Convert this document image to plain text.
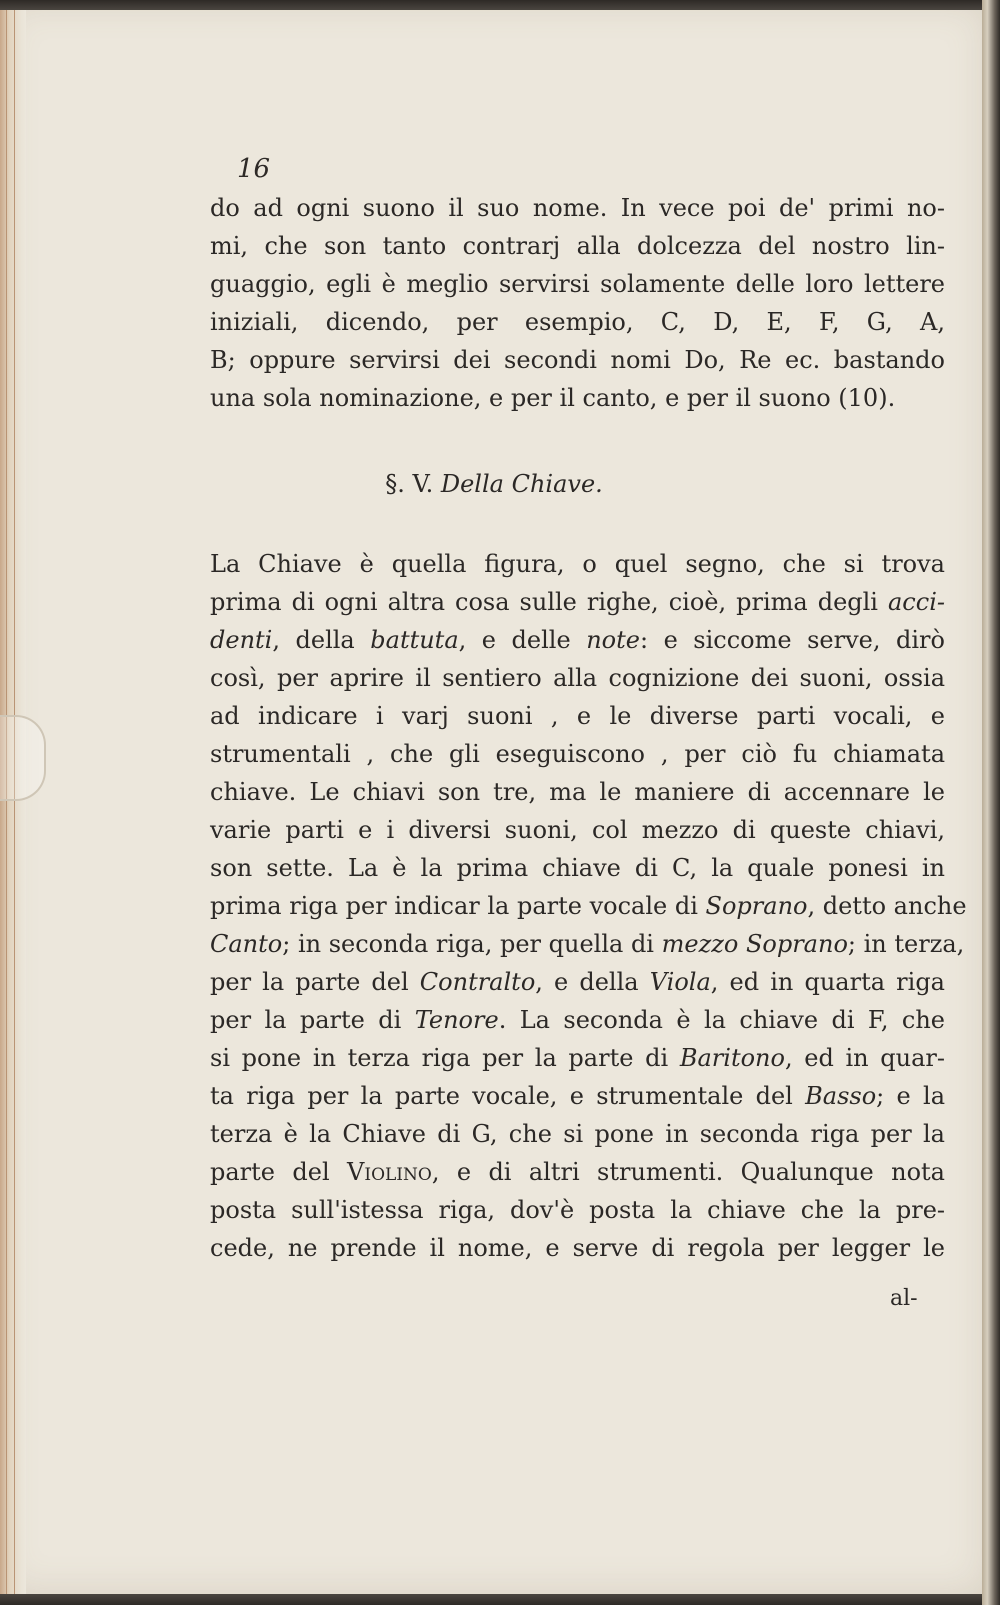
16
do ad ogni suono il suo nome. In vece poi de' primi no-
mi, che son tanto contrarj alla dolcezza del nostro lin-
guaggio, egli è meglio servirsi solamente delle loro lettere
iniziali, dicendo, per esempio, C, D, E, F, G, A,
B; oppure servirsi dei secondi nomi Do, Re ec. bastando
una sola nominazione, e per il canto, e per il suono (10).
§. V. Della Chiave.
La Chiave è quella figura, o quel segno, che si trova
prima di ogni altra cosa sulle righe, cioè, prima degli acci-
denti, della battuta, e delle note: e siccome serve, dirò
così, per aprire il sentiero alla cognizione dei suoni, ossia
ad indicare i varj suoni , e le diverse parti vocali, e
strumentali , che gli eseguiscono , per ciò fu chiamata
chiave. Le chiavi son tre, ma le maniere di accennare le
varie parti e i diversi suoni, col mezzo di queste chiavi,
son sette. La è la prima chiave di C, la quale ponesi in
prima riga per indicar la parte vocale di Soprano, detto anche
Canto; in seconda riga, per quella di mezzo Soprano; in terza,
per la parte del Contralto, e della Viola, ed in quarta riga
per la parte di Tenore. La seconda è la chiave di F, che
si pone in terza riga per la parte di Baritono, ed in quar-
ta riga per la parte vocale, e strumentale del Basso; e la
terza è la Chiave di G, che si pone in seconda riga per la
parte del Violino, e di altri strumenti. Qualunque nota
posta sull'istessa riga, dov'è posta la chiave che la pre-
cede, ne prende il nome, e serve di regola per legger le
al-
